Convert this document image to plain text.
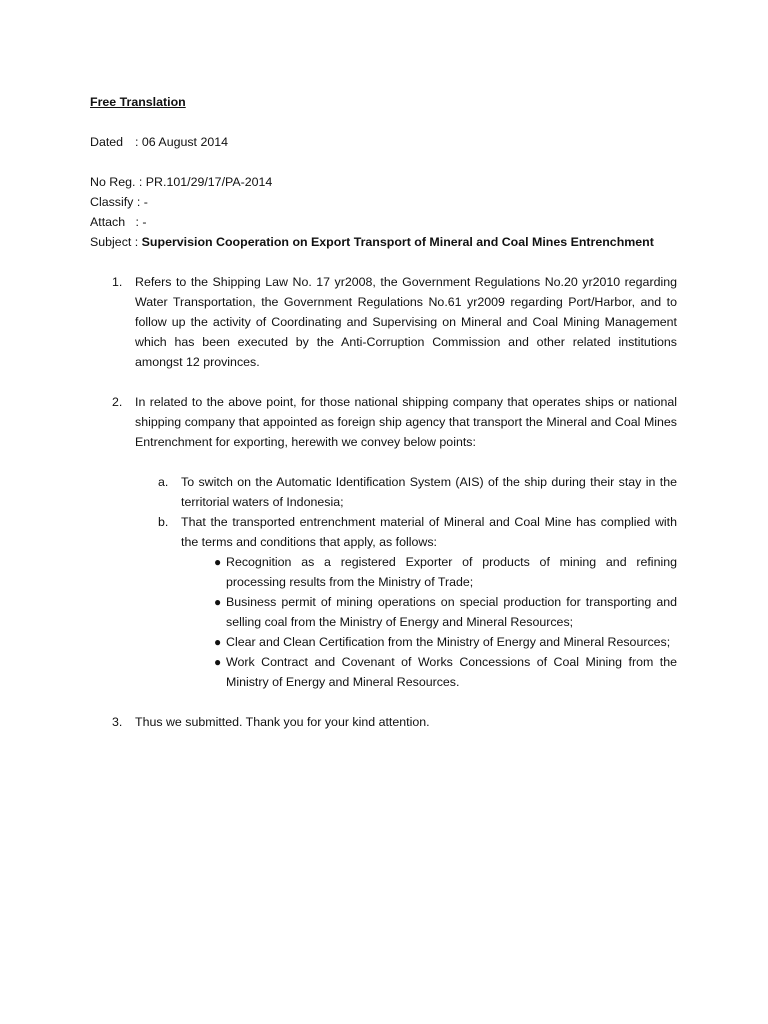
Free Translation

Dated : 06 August 2014

No Reg. : PR.101/29/17/PA-2014

Classify : -

Attach : -

Subject : Supervision Cooperation on Export Transport of Mineral and Coal Mines Entrenchment

1. Refers to the Shipping Law No. 17 yr2008, the Government Regulations No.20 yr2010 regarding Water Transportation, the Government Regulations No.61 yr2009 regarding Port/Harbor, and to follow up the activity of Coordinating and Supervising on Mineral and Coal Mining Management which has been executed by the Anti-Corruption Commission and other related institutions amongst 12 provinces.
2. In related to the above point, for those national shipping company that operates ships or national shipping company that appointed as foreign ship agency that transport the Mineral and Coal Mines Entrenchment for exporting, herewith we convey below points:
a. To switch on the Automatic Identification System (AIS) of the ship during their stay in the territorial waters of Indonesia;
b. That the transported entrenchment material of Mineral and Coal Mine has complied with the terms and conditions that apply, as follows:
● Recognition as a registered Exporter of products of mining and refining processing results from the Ministry of Trade;
● Business permit of mining operations on special production for transporting and selling coal from the Ministry of Energy and Mineral Resources;
● Clear and Clean Certification from the Ministry of Energy and Mineral Resources;
● Work Contract and Covenant of Works Concessions of Coal Mining from the Ministry of Energy and Mineral Resources.
3. Thus we submitted. Thank you for your kind attention.
